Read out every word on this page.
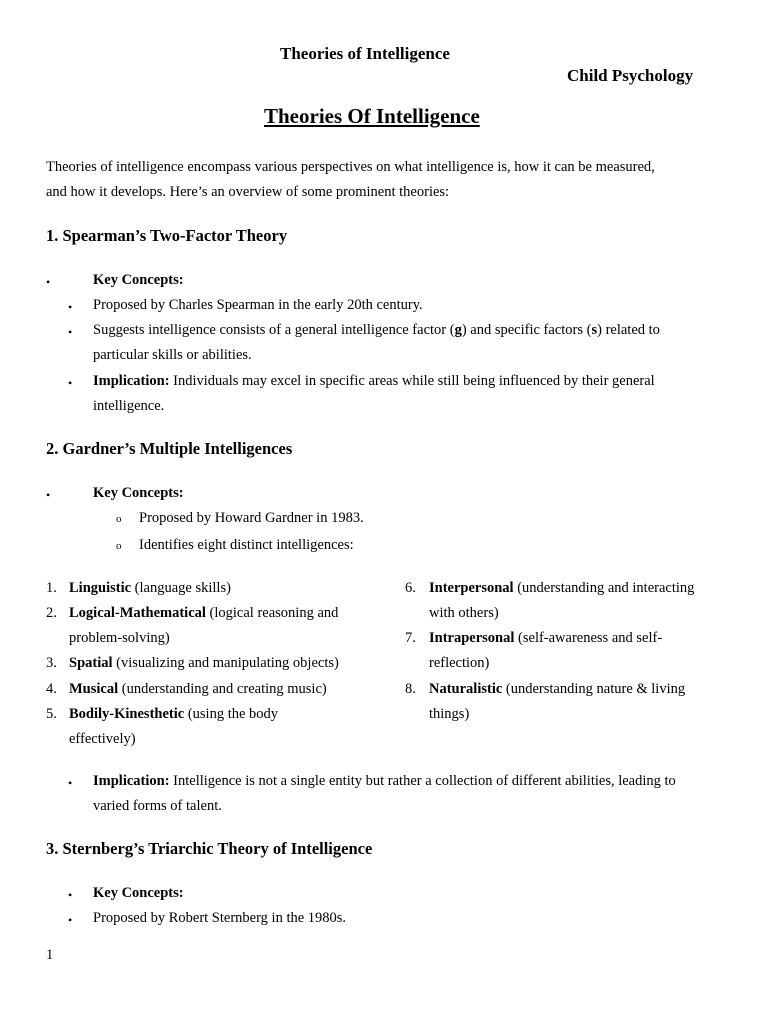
Theories of Intelligence
Child Psychology
Theories Of Intelligence
Theories of intelligence encompass various perspectives on what intelligence is, how it can be measured,
and how it develops. Here’s an overview of some prominent theories:
1. Spearman’s Two-Factor Theory
•	Key Concepts:
• Proposed by Charles Spearman in the early 20th century.
• Suggests intelligence consists of a general intelligence factor (g) and specific factors (s) related to
particular skills or abilities.
• Implication: Individuals may excel in specific areas while still being influenced by their general
intelligence.
2. Gardner’s Multiple Intelligences
•	Key Concepts:
o Proposed by Howard Gardner in 1983.
o Identifies eight distinct intelligences:
1. Linguistic (language skills)
2. Logical-Mathematical (logical reasoning and
problem-solving)
3. Spatial (visualizing and manipulating objects)
4. Musical (understanding and creating music)
5. Bodily-Kinesthetic (using the body
effectively)
6. Interpersonal (understanding and interacting
with others)
7. Intrapersonal (self-awareness and self-
reflection)
8. Naturalistic (understanding nature & living
things)
• Implication: Intelligence is not a single entity but rather a collection of different abilities, leading to
varied forms of talent.
3. Sternberg’s Triarchic Theory of Intelligence
• Key Concepts:
• Proposed by Robert Sternberg in the 1980s.
1
